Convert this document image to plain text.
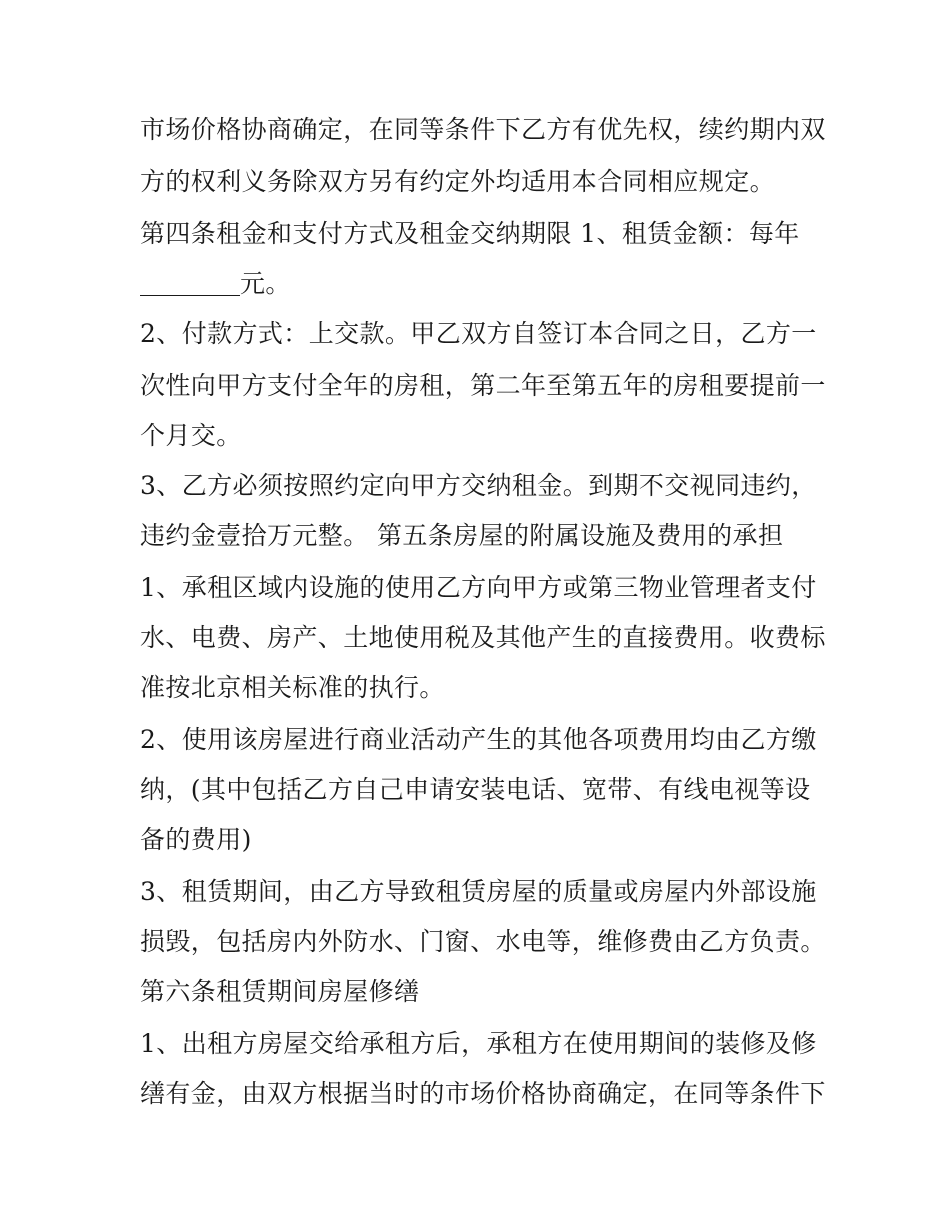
市场价格协商确定，在同等条件下乙方有优先权，续约期内双
方的权利义务除双方另有约定外均适用本合同相应规定。
第四条租金和支付方式及租金交纳期限 1、租赁金额：每年
元。
2、付款方式：上交款。甲乙双方自签订本合同之日，乙方一
次性向甲方支付全年的房租，第二年至第五年的房租要提前一
个月交。
3、乙方必须按照约定向甲方交纳租金。到期不交视同违约，
违约金壹拾万元整。 第五条房屋的附属设施及费用的承担
1、承租区域内设施的使用乙方向甲方或第三物业管理者支付
水、电费、房产、土地使用税及其他产生的直接费用。收费标
准按北京相关标准的执行。
2、使用该房屋进行商业活动产生的其他各项费用均由乙方缴
纳，(其中包括乙方自己申请安装电话、宽带、有线电视等设
备的费用)
3、租赁期间，由乙方导致租赁房屋的质量或房屋内外部设施
损毁，包括房内外防水、门窗、水电等，维修费由乙方负责。
第六条租赁期间房屋修缮
1、出租方房屋交给承租方后，承租方在使用期间的装修及修
缮有金，由双方根据当时的市场价格协商确定，在同等条件下
